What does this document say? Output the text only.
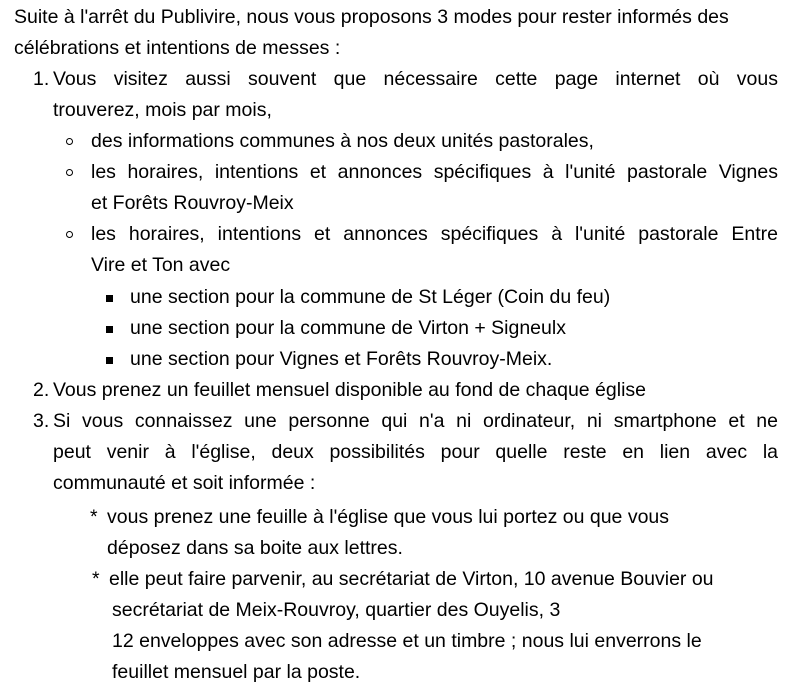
Suite à l'arrêt du Publivire, nous vous proposons 3 modes pour rester informés des
célébrations et intentions de messes :
1. Vous visitez aussi souvent que nécessaire cette page internet où vous
trouverez, mois par mois,
des informations communes à nos deux unités pastorales,
les horaires, intentions et annonces spécifiques à l'unité pastorale Vignes
et Forêts Rouvroy-Meix
les horaires, intentions et annonces spécifiques à l'unité pastorale Entre
Vire et Ton avec
une section pour la commune de St Léger (Coin du feu)
une section pour la commune de Virton + Signeulx
une section pour Vignes et Forêts Rouvroy-Meix.
2. Vous prenez un feuillet mensuel disponible au fond de chaque église
3. Si vous connaissez une personne qui n'a ni ordinateur, ni smartphone et ne
peut venir à l'église, deux possibilités pour quelle reste en lien avec la
communauté et soit informée :
* vous prenez une feuille à l'église que vous lui portez ou que vous
déposez dans sa boite aux lettres.
* elle peut faire parvenir, au secrétariat de Virton, 10 avenue Bouvier ou
secrétariat de Meix-Rouvroy, quartier des Ouyelis, 3
12 enveloppes avec son adresse et un timbre ; nous lui enverrons le
feuillet mensuel par la poste.
